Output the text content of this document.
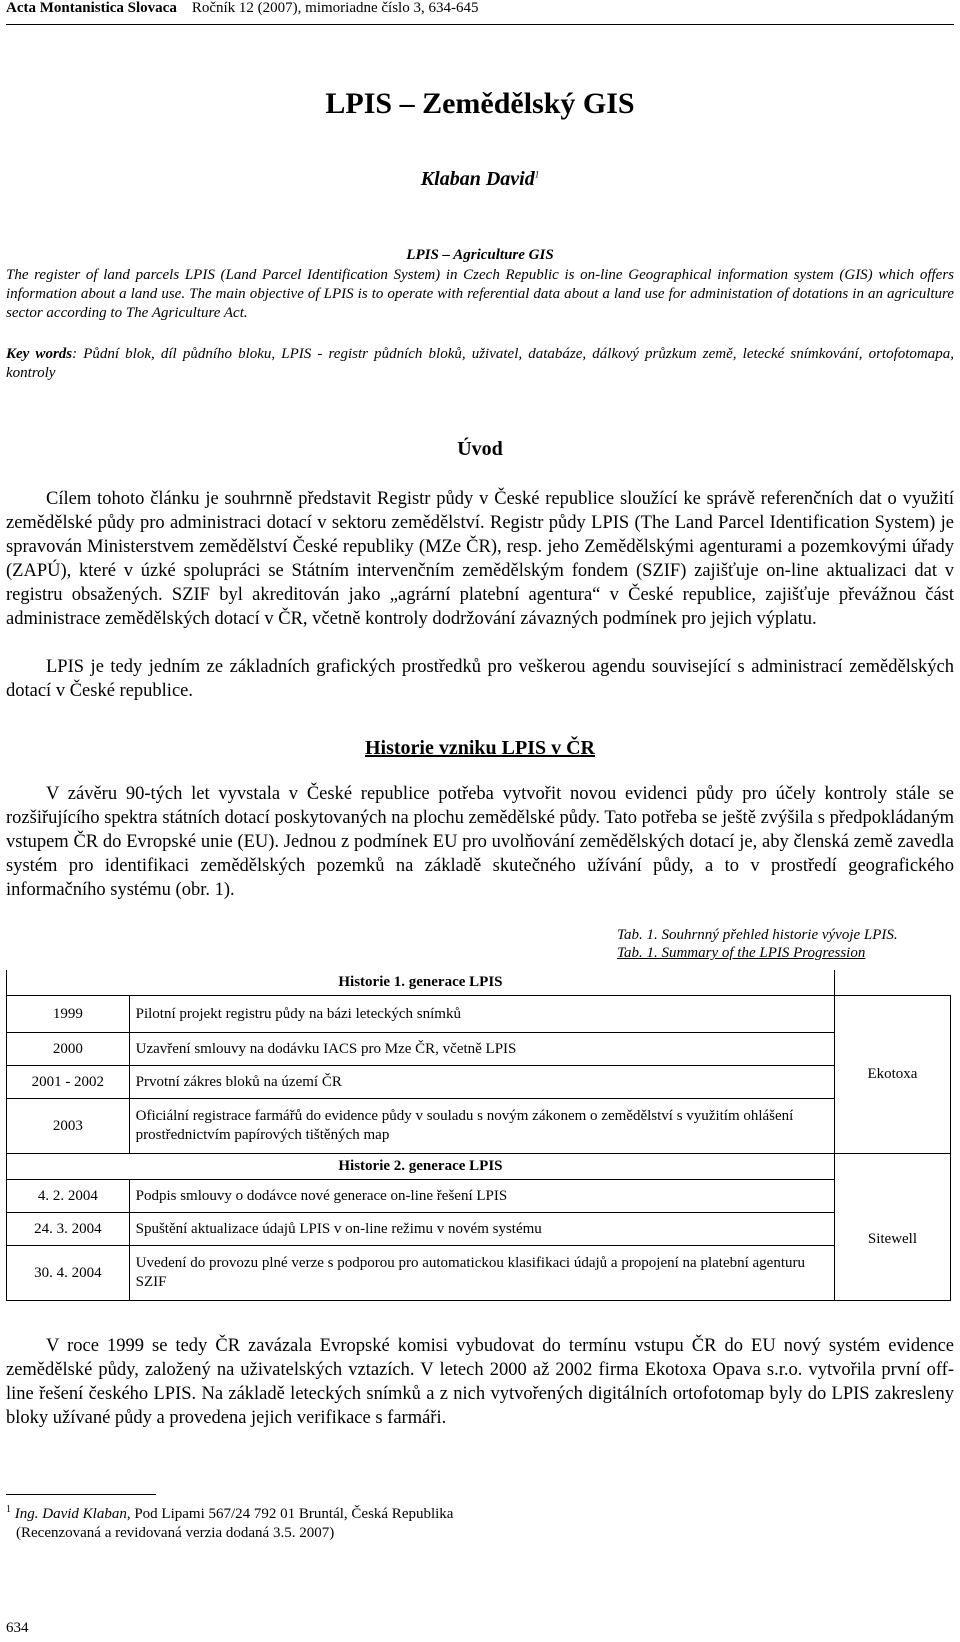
Acta Montanistica Slovaca Ročník 12 (2007), mimoriadne číslo 3, 634-645
LPIS – Zemědělský GIS
Klaban David$^1$
LPIS – Agriculture GIS

The register of land parcels LPIS (Land Parcel Identification System) in Czech Republic is on-line Geographical information system (GIS) which offers information about a land use. The main objective of LPIS is to operate with referential data about a land use for administation of dotations in an agriculture sector according to The Agriculture Act.

Key words: Půdní blok, díl půdního bloku, LPIS - registr půdních bloků, uživatel, databáze, dálkový průzkum země, letecké snímkování, ortofotomapa, kontroly

Úvod

Cílem tohoto článku je souhrnně představit Registr půdy v České republice sloužící ke správě referenčních dat o využití zemědělské půdy pro administraci dotací v sektoru zemědělství. Registr půdy LPIS (The Land Parcel Identification System) je spravován Ministerstvem zemědělství České republiky (MZe ČR), resp. jeho Zemědělskými agenturami a pozemkovými úřady (ZAPÚ), které v úzké spolupráci se Státním intervenčním zemědělským fondem (SZIF) zajišťuje on-line aktualizaci dat v registru obsažených. SZIF byl akreditován jako „agrární platební agentura“ v České republice, zajišťuje převážnou část administrace zemědělských dotací v ČR, včetně kontroly dodržování závazných podmínek pro jejich výplatu.

LPIS je tedy jedním ze základních grafických prostředků pro veškerou agendu související s administrací zemědělských dotací v České republice.

Historie vzniku LPIS v ČR

V závěru 90-tých let vyvstala v České republice potřeba vytvořit novou evidenci půdy pro účely kontroly stále se rozšiřujícího spektra státních dotací poskytovaných na plochu zemědělské půdy. Tato potřeba se ještě zvýšila s předpokládaným vstupem ČR do Evropské unie (EU). Jednou z podmínek EU pro uvolňování zemědělských dotací je, aby členská země zavedla systém pro identifikaci zemědělských pozemků na základě skutečného užívání půdy, a to v prostředí geografického informačního systému (obr. 1).

Tab. 1. Souhrnný přehled historie vývoje LPIS.
Tab. 1. Summary of the LPIS Progression
Historie 1. generace LPIS		
1999	Pilotní projekt registru půdy na bázi leteckých snímků	Ekotoxa
2000	Uzavření smlouvy na dodávku IACS pro Mze ČR, včetně LPIS	
2001 - 2002	Prvotní zákres bloků na území ČR	
2003	Oficiální registrace farmářů do evidence půdy v souladu s novým zákonem o zemědělství s využitím ohlášení prostřednictvím papírových tištěných map	
Historie 2. generace LPIS		
4. 2. 2004	Podpis smlouvy o dodávce nové generace on-line řešení LPIS	Sitewell
24. 3. 2004	Spuštění aktualizace údajů LPIS v on-line režimu v novém systému	
30. 4. 2004	Uvedení do provozu plné verze s podporou pro automatickou klasifikaci údajů a propojení na platební agenturu SZIF	

V roce 1999 se tedy ČR zavázala Evropské komisi vybudovat do termínu vstupu ČR do EU nový systém evidence zemědělské půdy, založený na uživatelských vztazích. V letech 2000 až 2002 firma Ekotoxa Opava s.r.o. vytvořila první off-line řešení českého LPIS. Na základě leteckých snímků a z nich vytvořených digitálních ortofotomap byly do LPIS zakresleny bloky užívané půdy a provedena jejich verifikace s farmáři.

$^1$ Ing. David Klaban, Pod Lipami 567/24 792 01 Bruntál, Česká Republika
(Recenzovaná a revidovaná verzia dodaná 3.5. 2007)
634
